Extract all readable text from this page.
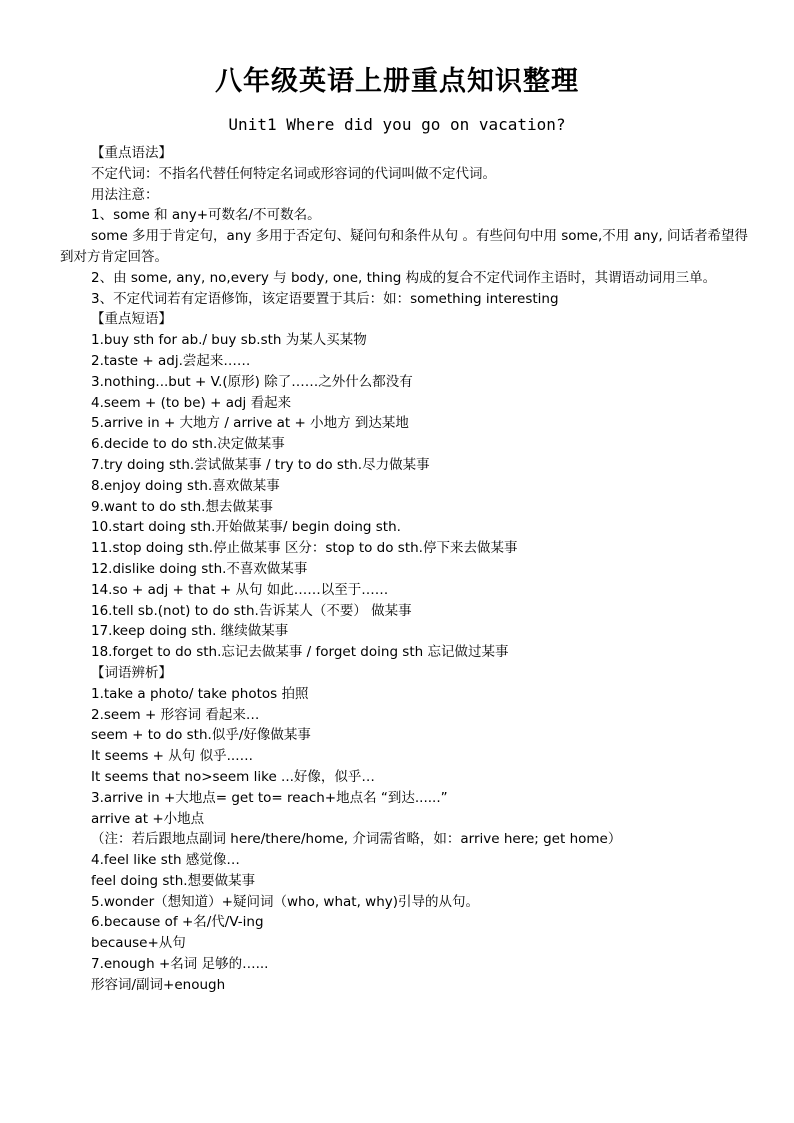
八年级英语上册重点知识整理
Unit1 Where did you go on vacation?
【重点语法】
不定代词：不指名代替任何特定名词或形容词的代词叫做不定代词。
用法注意：
1、some 和 any+可数名/不可数名。
some 多用于肯定句，any 多用于否定句、疑问句和条件从句 。有些问句中用 some,不用 any, 问话者希望得到对方肯定回答。
2、由 some, any, no,every 与 body, one, thing 构成的复合不定代词作主语时，其谓语动词用三单。
3、不定代词若有定语修饰，该定语要置于其后：如：something interesting
【重点短语】
1.buy sth for ab./ buy sb.sth 为某人买某物
2.taste + adj.尝起来……
3.nothing...but + V.(原形) 除了……之外什么都没有
4.seem + (to be) + adj 看起来
5.arrive in + 大地方 / arrive at + 小地方 到达某地
6.decide to do sth.决定做某事
7.try doing sth.尝试做某事 / try to do sth.尽力做某事
8.enjoy doing sth.喜欢做某事
9.want to do sth.想去做某事
10.start doing sth.开始做某事/ begin doing sth.
11.stop doing sth.停止做某事 区分：stop to do sth.停下来去做某事
12.dislike doing sth.不喜欢做某事
14.so + adj + that + 从句 如此……以至于……
16.tell sb.(not) to do sth.告诉某人（不要） 做某事
17.keep doing sth. 继续做某事
18.forget to do sth.忘记去做某事 / forget doing sth 忘记做过某事
【词语辨析】
1.take a photo/ take photos 拍照
2.seem + 形容词 看起来…
seem + to do sth.似乎/好像做某事
It seems + 从句 似乎..….
It seems that no>seem like ...好像，似乎…
3.arrive in +大地点= get to= reach+地点名 “到达......”
arrive at +小地点
（注：若后跟地点副词 here/there/home, 介词需省略，如：arrive here; get home）
4.feel like sth 感觉像…
feel doing sth.想要做某事
5.wonder（想知道）+疑问词（who, what, why)引导的从句。
6.because of +名/代/V-ing
because+从句
7.enough +名词 足够的…...
形容词/副词+enough
